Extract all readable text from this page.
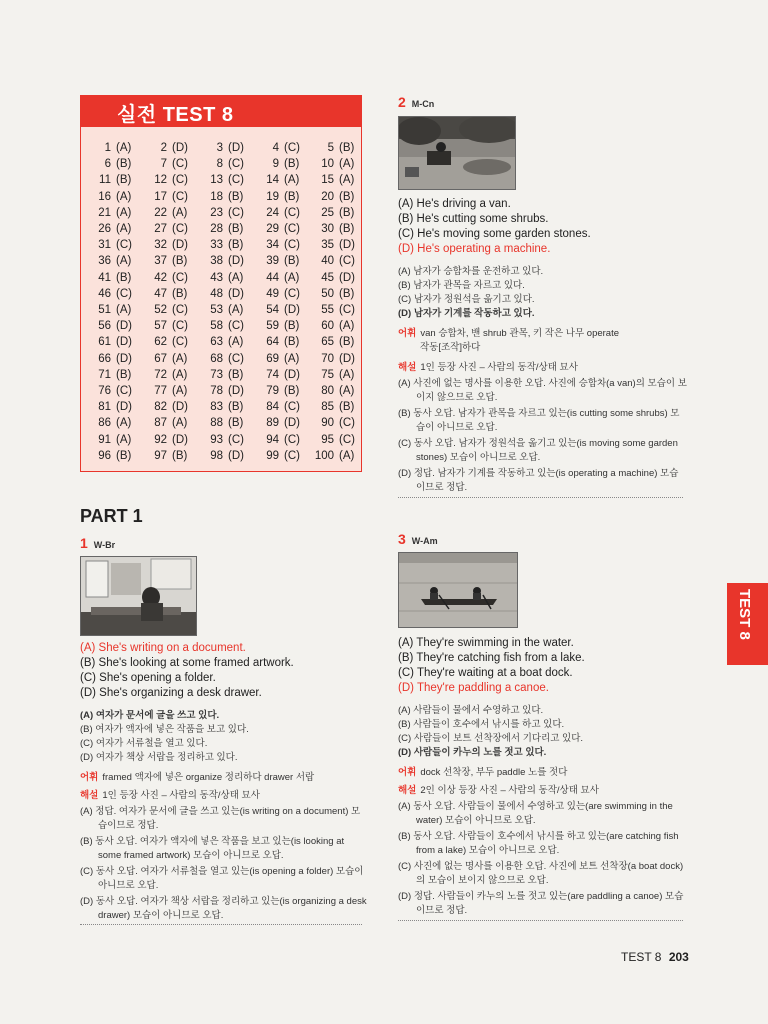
실전 TEST 8
1 (A)	2 (D)	3 (D)	4 (C)	5 (B)
6 (B)	7 (C)	8 (C)	9 (B)	10 (A)
11 (B)	12 (C)	13 (C)	14 (A)	15 (A)
16 (A)	17 (C)	18 (B)	19 (B)	20 (B)
21 (A)	22 (A)	23 (C)	24 (C)	25 (B)
26 (A)	27 (C)	28 (B)	29 (C)	30 (B)
31 (C)	32 (D)	33 (B)	34 (C)	35 (D)
36 (A)	37 (B)	38 (D)	39 (B)	40 (C)
41 (B)	42 (C)	43 (A)	44 (A)	45 (D)
46 (C)	47 (B)	48 (D)	49 (C)	50 (B)
51 (A)	52 (C)	53 (A)	54 (D)	55 (C)
56 (D)	57 (C)	58 (C)	59 (B)	60 (A)
61 (D)	62 (C)	63 (A)	64 (B)	65 (B)
66 (D)	67 (A)	68 (C)	69 (A)	70 (D)
71 (B)	72 (A)	73 (B)	74 (D)	75 (A)
76 (C)	77 (A)	78 (D)	79 (B)	80 (A)
81 (D)	82 (D)	83 (B)	84 (C)	85 (B)
86 (A)	87 (A)	88 (B)	89 (D)	90 (C)
91 (A)	92 (D)	93 (C)	94 (C)	95 (C)
96 (B)	97 (B)	98 (D)	99 (C)	100 (A)
PART 1
1 W-Br
(A) She's writing on a document.
(B) She's looking at some framed artwork.
(C) She's opening a folder.
(D) She's organizing a desk drawer.
(A) 여자가 문서에 글을 쓰고 있다.
(B) 여자가 액자에 넣은 작품을 보고 있다.
(C) 여자가 서류철을 열고 있다.
(D) 여자가 책상 서랍을 정리하고 있다.
어휘 framed 액자에 넣은 organize 정리하다 drawer 서랍
해설 1인 등장 사진 – 사람의 동작/상태 묘사
(A) 정답. 여자가 문서에 글을 쓰고 있는(is writing on a document) 모
습이므로 정답.
(B) 동사 오답. 여자가 액자에 넣은 작품을 보고 있는(is looking at
some framed artwork) 모습이 아니므로 오답.
(C) 동사 오답. 여자가 서류철을 열고 있는(is opening a folder) 모습이
아니므로 오답.
(D) 동사 오답. 여자가 책상 서랍을 정리하고 있는(is organizing a desk
drawer) 모습이 아니므로 오답.
2 M-Cn
(A) He's driving a van.
(B) He's cutting some shrubs.
(C) He's moving some garden stones.
(D) He's operating a machine.
(A) 남자가 승합차를 운전하고 있다.
(B) 남자가 관목을 자르고 있다.
(C) 남자가 정원석을 옮기고 있다.
(D) 남자가 기계를 작동하고 있다.
어휘 van 승합차, 밴 shrub 관목, 키 작은 나무 operate
작동[조작]하다
해설 1인 등장 사진 – 사람의 동작/상태 묘사
(A) 사진에 없는 명사를 이용한 오답. 사진에 승합차(a van)의 모습이 보
이지 않으므로 오답.
(B) 동사 오답. 남자가 관목을 자르고 있는(is cutting some shrubs) 모
습이 아니므로 오답.
(C) 동사 오답. 남자가 정원석을 옮기고 있는(is moving some garden
stones) 모습이 아니므로 오답.
(D) 정답. 남자가 기계를 작동하고 있는(is operating a machine) 모습
이므로 정답.
3 W-Am
(A) They're swimming in the water.
(B) They're catching fish from a lake.
(C) They're waiting at a boat dock.
(D) They're paddling a canoe.
(A) 사람들이 물에서 수영하고 있다.
(B) 사람들이 호수에서 낚시를 하고 있다.
(C) 사람들이 보트 선착장에서 기다리고 있다.
(D) 사람들이 카누의 노를 젓고 있다.
어휘 dock 선착장, 부두 paddle 노를 젓다
해설 2인 이상 등장 사진 – 사람의 동작/상태 묘사
(A) 동사 오답. 사람들이 물에서 수영하고 있는(are swimming in the
water) 모습이 아니므로 오답.
(B) 동사 오답. 사람들이 호수에서 낚시를 하고 있는(are catching fish
from a lake) 모습이 아니므로 오답.
(C) 사진에 없는 명사를 이용한 오답. 사진에 보트 선착장(a boat dock)
의 모습이 보이지 않으므로 오답.
(D) 정답. 사람들이 카누의 노를 젓고 있는(are paddling a canoe) 모습
이므로 정답.
TEST 8
TEST 8 203
